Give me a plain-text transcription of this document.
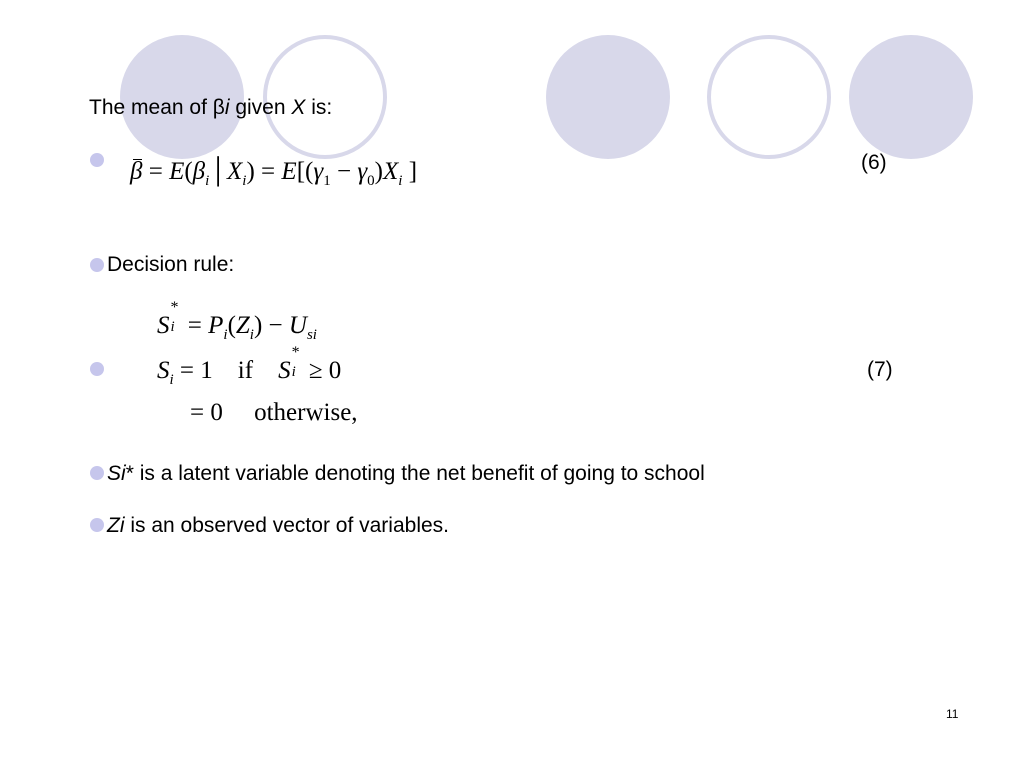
The mean of βi given X is:
$\beta = E(\beta_i│X_i) = E[(\gamma_1 - \gamma_0)X_i$ ]	(6)
Decision rule:
S
*
$i = P_i(Z_i) - U_{si}$
$S_i = 1$    if S
*
i ≥ 0
= 0     otherwise,
(7)
Si* is a latent variable denoting the net benefit of going to school
Zi is an observed vector of variables.
11
